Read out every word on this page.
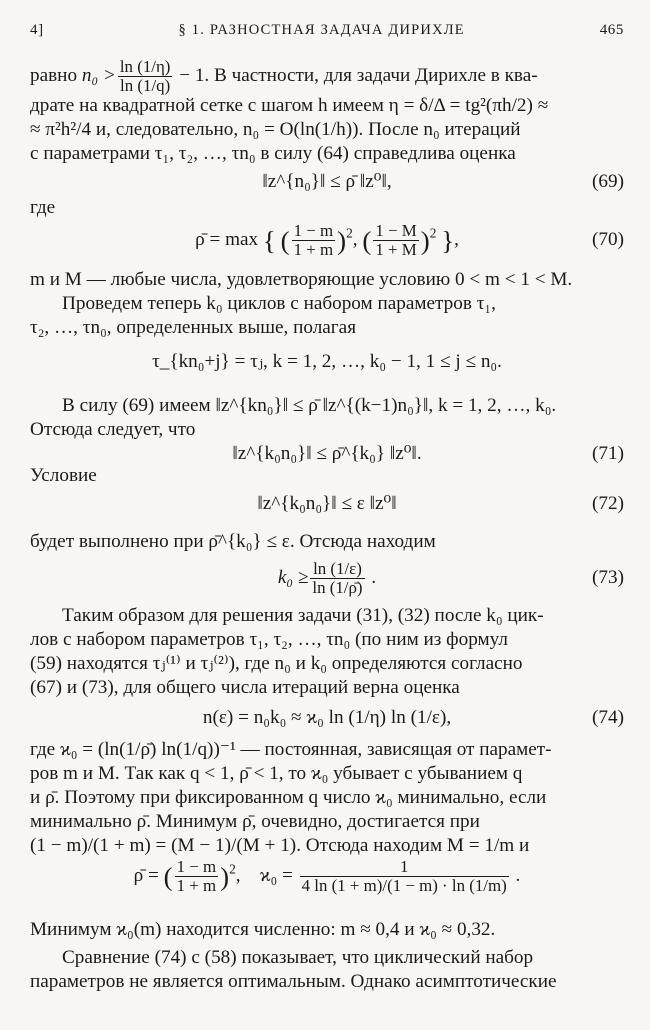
4]	§ 1. РАЗНОСТНАЯ ЗАДАЧА ДИРИХЛЕ	465
равно $n_0 > \frac{\ln (1/\eta)}{\ln (1/q)} - 1$. В частности, для задачи Дирихле в ква-
драте на квадратной сетке с шагом h имеем η = δ/Δ = tg²(πh/2) ≈
≈ π²h²/4 и, следовательно, n₀ = O(ln(1/h)). После n₀ итераций
с параметрами τ₁, τ₂, …, τn₀ в силу (64) справедлива оценка
‖z^{n₀}‖ ≤ ρ̄ ‖z⁰‖,	(69)
где
ρ̄ = max { ( $\frac{1 - m}{1 + m} )^2$, ( $\frac{1 - M}{1 + M} )^2$ },	(70)
m и M — любые числа, удовлетворяющие условию 0 < m < 1 < M.
Проведем теперь k₀ циклов с набором параметров τ₁,
τ₂, …, τn₀, определенных выше, полагая
τ_{kn₀+j} = τⱼ, k = 1, 2, …, k₀ − 1, 1 ≤ j ≤ n₀.
В силу (69) имеем ‖z^{kn₀}‖ ≤ ρ̄ ‖z^{(k−1)n₀}‖, k = 1, 2, …, k₀.
Отсюда следует, что
‖z^{k₀n₀}‖ ≤ ρ̄^{k₀} ‖z⁰‖.	(71)
Условие
‖z^{k₀n₀}‖ ≤ ε ‖z⁰‖	(72)
будет выполнено при ρ̄^{k₀} ≤ ε. Отсюда находим
$k_0 \ge \frac{\ln (1/\varepsilon)}{\ln (1/\rhō)}$ .	(73)
Таким образом для решения задачи (31), (32) после k₀ цик-
лов с набором параметров τ₁, τ₂, …, τn₀ (по ним из формул
(59) находятся τⱼ⁽¹⁾ и τⱼ⁽²⁾), где n₀ и k₀ определяются согласно
(67) и (73), для общего числа итераций верна оценка
n(ε) = n₀k₀ ≈ ϰ₀ ln (1/η) ln (1/ε),	(74)
где ϰ₀ = (ln(1/ρ̄) ln(1/q))⁻¹ — постоянная, зависящая от парамет-
ров m и M. Так как q < 1, ρ̄ < 1, то ϰ₀ убывает с убыванием q
и ρ̄. Поэтому при фиксированном q число ϰ₀ минимально, если
минимально ρ̄. Минимум ρ̄, очевидно, достигается при
(1 − m)/(1 + m) = (M − 1)/(M + 1). Отсюда находим M = 1/m и
ρ̄ = ( $\frac{1 - m}{1 + m} )^2$,    $ϰ_0 = \frac{1}{4 \ln (1 + m)/(1 - m) \cdot \ln (1/m)}$ .
Минимум ϰ₀(m) находится численно: m ≈ 0,4 и ϰ₀ ≈ 0,32.
Сравнение (74) с (58) показывает, что циклический набор
параметров не является оптимальным. Однако асимптотические
